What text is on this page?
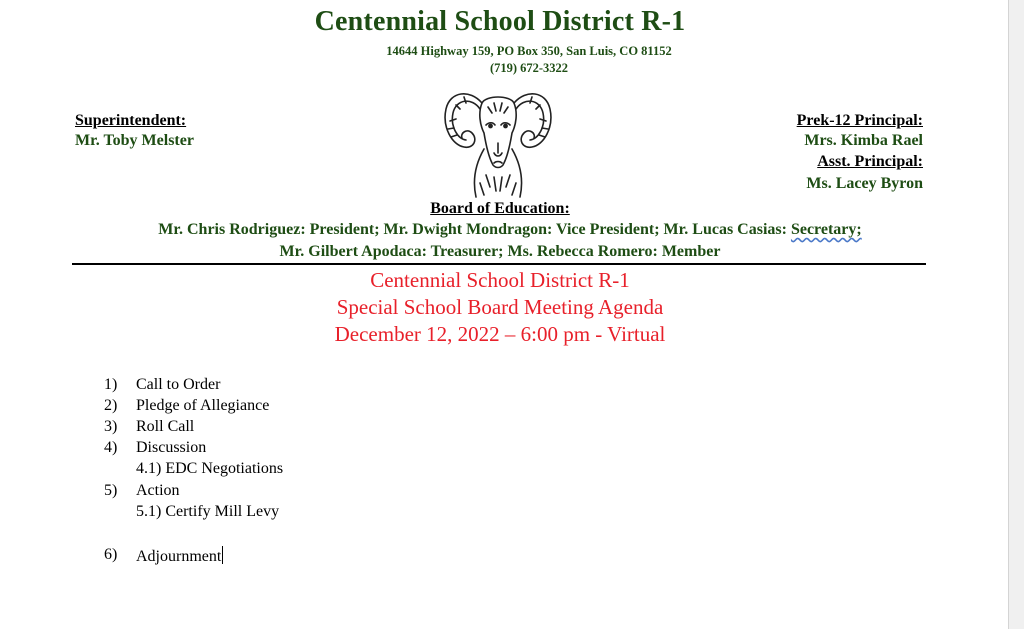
Centennial School District R-1
14644 Highway 159, PO Box 350, San Luis, CO 81152
(719) 672-3322
Superintendent:
Mr. Toby Melster
Prek-12 Principal:
Mrs. Kimba Rael
Asst. Principal:
Ms. Lacey Byron
Board of Education:
Mr. Chris Rodriguez: President; Mr. Dwight Mondragon: Vice President; Mr. Lucas Casias: Secretary;
Mr. Gilbert Apodaca: Treasurer; Ms. Rebecca Romero: Member
Centennial School District R-1
Special School Board Meeting Agenda
December 12, 2022 – 6:00 pm - Virtual
1)	Call to Order
2)	Pledge of Allegiance
3)	Roll Call
4)	Discussion
4.1) EDC Negotiations
5)	Action
5.1) Certify Mill Levy
6)	Adjournment
